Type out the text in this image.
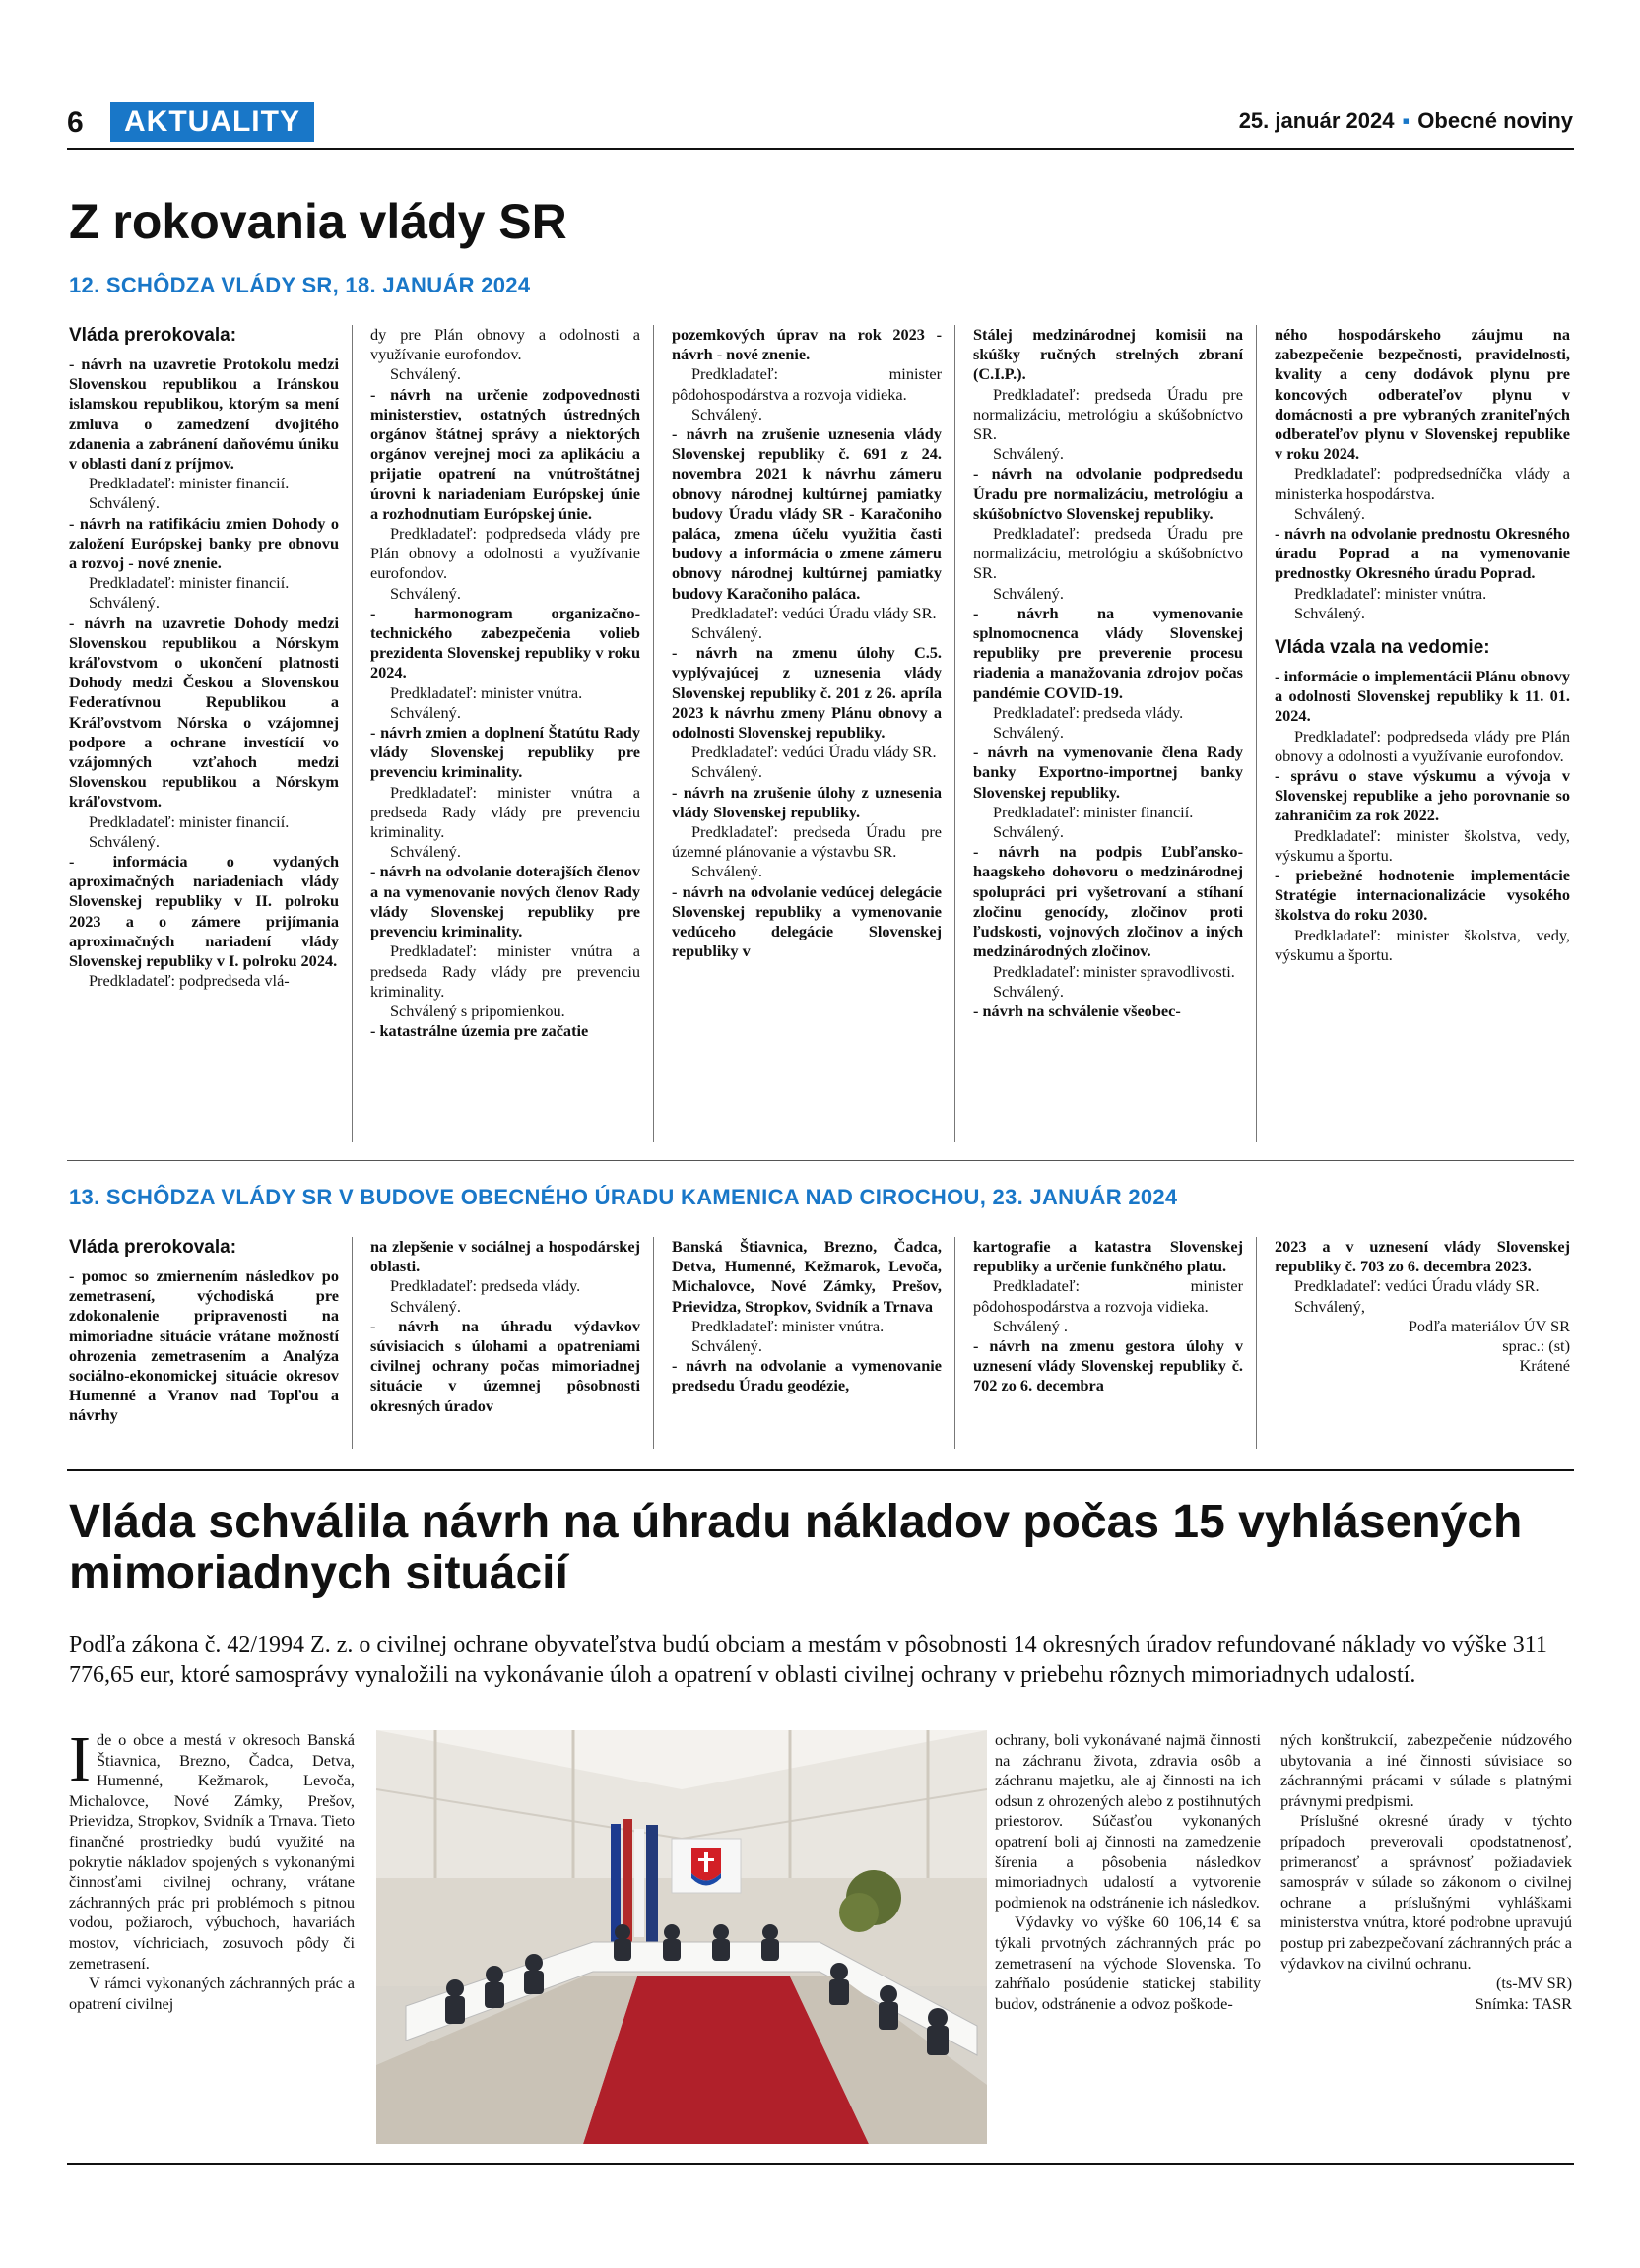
6	AKTUALITY	25. január 2024 ▪ Obecné noviny
Z rokovania vlády SR
12. SCHÔDZA VLÁDY SR, 18. JANUÁR 2024

Vláda prerokovala:

- návrh na uzavretie Protokolu medzi Slovenskou republikou a Iránskou islamskou republikou, ktorým sa mení zmluva o zamedzení dvojitého zdanenia a zabránení daňovému úniku v oblasti daní z príjmov.

Predkladateľ: minister financií.

Schválený.

- návrh na ratifikáciu zmien Dohody o založení Európskej banky pre obnovu a rozvoj - nové znenie.

Predkladateľ: minister financií.

Schválený.

- návrh na uzavretie Dohody medzi Slovenskou republikou a Nórskym kráľovstvom o ukončení platnosti Dohody medzi Českou a Slovenskou Federatívnou Republikou a Kráľovstvom Nórska o vzájomnej podpore a ochrane investícií vo vzájomných vzťahoch medzi Slovenskou republikou a Nórskym kráľovstvom.

Predkladateľ: minister financií.

Schválený.

- informácia o vydaných aproximačných nariadeniach vlády Slovenskej republiky v II. polroku 2023 a o zámere prijímania aproximačných nariadení vlády Slovenskej republiky v I. polroku 2024.

Predkladateľ: podpredseda vlá-

dy pre Plán obnovy a odolnosti a využívanie eurofondov.

Schválený.

- návrh na určenie zodpovednosti ministerstiev, ostatných ústredných orgánov štátnej správy a niektorých orgánov verejnej moci za aplikáciu a prijatie opatrení na vnútroštátnej úrovni k nariadeniam Európskej únie a rozhodnutiam Európskej únie.

Predkladateľ: podpredseda vlády pre Plán obnovy a odolnosti a využívanie eurofondov.

Schválený.

- harmonogram organizačno-technického zabezpečenia volieb prezidenta Slovenskej republiky v roku 2024.

Predkladateľ: minister vnútra.

Schválený.

- návrh zmien a doplnení Štatútu Rady vlády Slovenskej republiky pre prevenciu kriminality.

Predkladateľ: minister vnútra a predseda Rady vlády pre prevenciu kriminality.

Schválený.

- návrh na odvolanie doterajších členov a na vymenovanie nových členov Rady vlády Slovenskej republiky pre prevenciu kriminality.

Predkladateľ: minister vnútra a predseda Rady vlády pre prevenciu kriminality.

Schválený s pripomienkou.

- katastrálne územia pre začatie

pozemkových úprav na rok 2023 - návrh - nové znenie.

Predkladateľ: minister pôdohospodárstva a rozvoja vidieka.

Schválený.

- návrh na zrušenie uznesenia vlády Slovenskej republiky č. 691 z 24. novembra 2021 k návrhu zámeru obnovy národnej kultúrnej pamiatky budovy Úradu vlády SR - Karačoniho paláca, zmena účelu využitia časti budovy a informácia o zmene zámeru obnovy národnej kultúrnej pamiatky budovy Karačoniho paláca.

Predkladateľ: vedúci Úradu vlády SR.

Schválený.

- návrh na zmenu úlohy C.5. vyplývajúcej z uznesenia vlády Slovenskej republiky č. 201 z 26. apríla 2023 k návrhu zmeny Plánu obnovy a odolnosti Slovenskej republiky.

Predkladateľ: vedúci Úradu vlády SR.

Schválený.

- návrh na zrušenie úlohy z uznesenia vlády Slovenskej republiky.

Predkladateľ: predseda Úradu pre územné plánovanie a výstavbu SR.

Schválený.

- návrh na odvolanie vedúcej delegácie Slovenskej republiky a vymenovanie vedúceho delegácie Slovenskej republiky v

Stálej medzinárodnej komisii na skúšky ručných strelných zbraní (C.I.P.).

Predkladateľ: predseda Úradu pre normalizáciu, metrológiu a skúšobníctvo SR.

Schválený.

- návrh na odvolanie podpredsedu Úradu pre normalizáciu, metrológiu a skúšobníctvo Slovenskej republiky.

Predkladateľ: predseda Úradu pre normalizáciu, metrológiu a skúšobníctvo SR.

Schválený.

- návrh na vymenovanie splnomocnenca vlády Slovenskej republiky pre preverenie procesu riadenia a manažovania zdrojov počas pandémie COVID-19.

Predkladateľ: predseda vlády.

Schválený.

- návrh na vymenovanie člena Rady banky Exportno-importnej banky Slovenskej republiky.

Predkladateľ: minister financií.

Schválený.

- návrh na podpis Ľubľansko-haagskeho dohovoru o medzinárodnej spolupráci pri vyšetrovaní a stíhaní zločinu genocídy, zločinov proti ľudskosti, vojnových zločinov a iných medzinárodných zločinov.

Predkladateľ: minister spravodlivosti.

Schválený.

- návrh na schválenie všeobec-

ného hospodárskeho záujmu na zabezpečenie bezpečnosti, pravidelnosti, kvality a ceny dodávok plynu pre koncových odberateľov plynu v domácnosti a pre vybraných zraniteľných odberateľov plynu v Slovenskej republike v roku 2024.

Predkladateľ: podpredsedníčka vlády a ministerka hospodárstva.

Schválený.

- návrh na odvolanie prednostu Okresného úradu Poprad a na vymenovanie prednostky Okresného úradu Poprad.

Predkladateľ: minister vnútra.

Schválený.

Vláda vzala na vedomie:

- informácie o implementácii Plánu obnovy a odolnosti Slovenskej republiky k 11. 01. 2024.

Predkladateľ: podpredseda vlády pre Plán obnovy a odolnosti a využívanie eurofondov.

- správu o stave výskumu a vývoja v Slovenskej republike a jeho porovnanie so zahraničím za rok 2022.

Predkladateľ: minister školstva, vedy, výskumu a športu.

- priebežné hodnotenie implementácie Stratégie internacionalizácie vysokého školstva do roku 2030.

Predkladateľ: minister školstva, vedy, výskumu a športu.

13. SCHÔDZA VLÁDY SR V BUDOVE OBECNÉHO ÚRADU KAMENICA NAD CIROCHOU, 23. JANUÁR 2024

Vláda prerokovala:

- pomoc so zmiernením následkov po zemetrasení, východiská pre zdokonalenie pripravenosti na mimoriadne situácie vrátane možností ohrozenia zemetrasením a Analýza sociálno-ekonomickej situácie okresov Humenné a Vranov nad Topľou a návrhy

na zlepšenie v sociálnej a hospodárskej oblasti.

Predkladateľ: predseda vlády.

Schválený.

- návrh na úhradu výdavkov súvisiacich s úlohami a opatreniami civilnej ochrany počas mimoriadnej situácie v územnej pôsobnosti okresných úradov

Banská Štiavnica, Brezno, Čadca, Detva, Humenné, Kežmarok, Levoča, Michalovce, Nové Zámky, Prešov, Prievidza, Stropkov, Svidník a Trnava

Predkladateľ: minister vnútra.

Schválený.

- návrh na odvolanie a vymenovanie predsedu Úradu geodézie,

kartografie a katastra Slovenskej republiky a určenie funkčného platu.

Predkladateľ: minister pôdohospodárstva a rozvoja vidieka.

Schválený .

- návrh na zmenu gestora úlohy v uznesení vlády Slovenskej republiky č. 702 zo 6. decembra

2023 a v uznesení vlády Slovenskej republiky č. 703 zo 6. decembra 2023.

Predkladateľ: vedúci Úradu vlády SR.

Schválený,

Podľa materiálov ÚV SR

sprac.: (st)

Krátené

Vláda schválila návrh na úhradu nákladov počas 15 vyhlásených mimoriadnych situácií
Podľa zákona č. 42/1994 Z. z. o civilnej ochrane obyvateľstva budú obciam a mestám v pôsobnosti 14 okresných úradov refundované náklady vo výške 311 776,65 eur, ktoré samosprávy vynaložili na vykonávanie úloh a opatrení v oblasti civilnej ochrany v priebehu rôznych mimoriadnych udalostí.

Ide o obce a mestá v okresoch Banská Štiavnica, Brezno, Čadca, Detva, Humenné, Kežmarok, Levoča, Michalovce, Nové Zámky, Prešov, Prievidza, Stropkov, Svidník a Trnava. Tieto finančné prostriedky budú využité na pokrytie nákladov spojených s vykonanými činnosťami civilnej ochrany, vrátane záchranných prác pri problémoch s pitnou vodou, požiaroch, výbuchoch, havariách mostov, víchriciach, zosuvoch pôdy či zemetrasení.

V rámci vykonaných záchranných prác a opatrení civilnej

ochrany, boli vykonávané najmä činnosti na záchranu života, zdravia osôb a záchranu majetku, ale aj činnosti na ich odsun z ohrozených alebo z postihnutých priestorov. Súčasťou vykonaných opatrení boli aj činnosti na zamedzenie šírenia a pôsobenia následkov mimoriadnych udalostí a vytvorenie podmienok na odstránenie ich následkov.

Výdavky vo výške 60 106,14 € sa týkali prvotných záchranných prác po zemetrasení na východe Slovenska. To zahŕňalo posúdenie statickej stability budov, odstránenie a odvoz poškode-

ných konštrukcií, zabezpečenie núdzového ubytovania a iné činnosti súvisiace so záchrannými prácami v súlade s platnými právnymi predpismi.

Príslušné okresné úrady v týchto prípadoch preverovali opodstatnenosť, primeranosť a správnosť požiadaviek samospráv v súlade so zákonom o civilnej ochrane a príslušnými vyhláškami ministerstva vnútra, ktoré podrobne upravujú postup pri zabezpečovaní záchranných prác a výdavkov na civilnú ochranu.

(ts-MV SR)

Snímka: TASR
